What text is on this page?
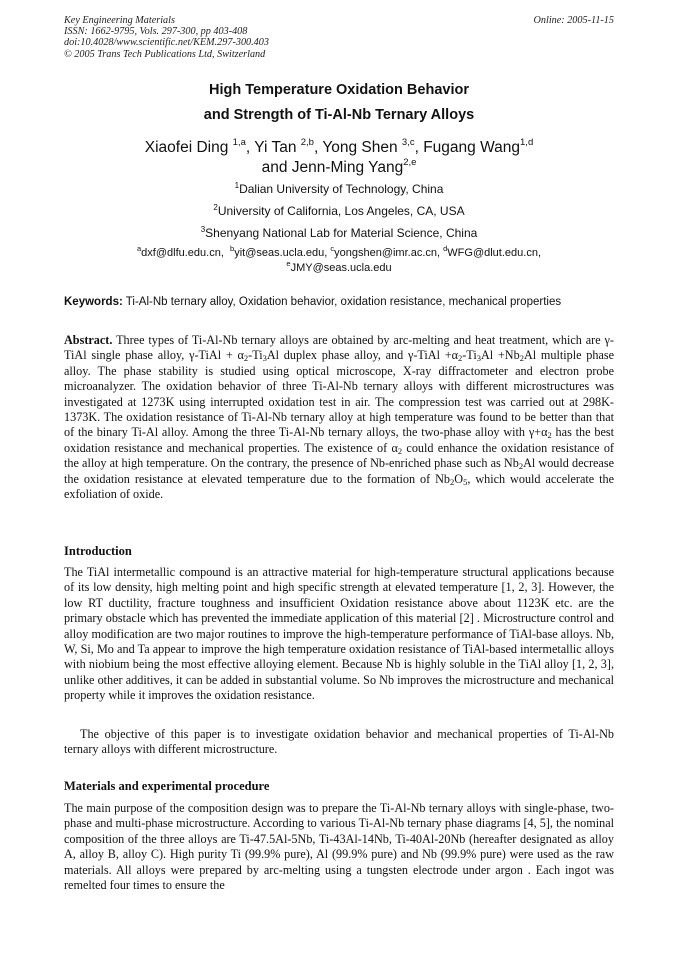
Key Engineering Materials
ISSN: 1662-9795, Vols. 297-300, pp 403-408
doi:10.4028/www.scientific.net/KEM.297-300.403
© 2005 Trans Tech Publications Ltd, Switzerland
Online: 2005-11-15
High Temperature Oxidation Behavior
and Strength of Ti-Al-Nb Ternary Alloys
Xiaofei Ding $^{1,a}$, Yi Tan $^{2,b}$, Yong Shen $^{3,c}$, Fugang Wang$^{1,d}$
and Jenn-Ming Yang$^{2,e}$
$^1$Dalian University of Technology, China
$^2$University of California, Los Angeles, CA, USA
$^3$Shenyang National Lab for Material Science, China
$^a$dxf@dlfu.edu.cn, $^b$yit@seas.ucla.edu, $^c$yongshen@imr.ac.cn, $^d$WFG@dlut.edu.cn,
$^e$JMY@seas.ucla.edu
Keywords: Ti-Al-Nb ternary alloy, Oxidation behavior, oxidation resistance, mechanical properties
Abstract. Three types of Ti-Al-Nb ternary alloys are obtained by arc-melting and heat treatment, which are γ-TiAl single phase alloy, γ-TiAl + $\alpha_2-Ti_3Al$ duplex phase alloy, and γ-TiAl $+\alpha_2-Ti_3Al +Nb_2Al$ multiple phase alloy. The phase stability is studied using optical microscope, X-ray diffractometer and electron probe microanalyzer. The oxidation behavior of three Ti-Al-Nb ternary alloys with different microstructures was investigated at 1273K using interrupted oxidation test in air. The compression test was carried out at 298K-1373K. The oxidation resistance of Ti-Al-Nb ternary alloy at high temperature was found to be better than that of the binary Ti-Al alloy. Among the three Ti-Al-Nb ternary alloys, the two-phase alloy with $\gamma+\alpha_2$ has the best oxidation resistance and mechanical properties. The existence of $\alpha_2$ could enhance the oxidation resistance of the alloy at high temperature. On the contrary, the presence of Nb-enriched phase such as $Nb_2Al$ would decrease the oxidation resistance at elevated temperature due to the formation of $Nb_2O_5$, which would accelerate the exfoliation of oxide.
Introduction
The TiAl intermetallic compound is an attractive material for high-temperature structural applications because of its low density, high melting point and high specific strength at elevated temperature [1, 2, 3]. However, the low RT ductility, fracture toughness and insufficient Oxidation resistance above about 1123K etc. are the primary obstacle which has prevented the immediate application of this material [2] . Microstructure control and alloy modification are two major routines to improve the high-temperature performance of TiAl-base alloys. Nb, W, Si, Mo and Ta appear to improve the high temperature oxidation resistance of TiAl-based intermetallic alloys with niobium being the most effective alloying element. Because Nb is highly soluble in the TiAl alloy [1, 2, 3], unlike other additives, it can be added in substantial volume. So Nb improves the microstructure and mechanical property while it improves the oxidation resistance.
The objective of this paper is to investigate oxidation behavior and mechanical properties of Ti-Al-Nb ternary alloys with different microstructure.
Materials and experimental procedure
The main purpose of the composition design was to prepare the Ti-Al-Nb ternary alloys with single-phase, two-phase and multi-phase microstructure. According to various Ti-Al-Nb ternary phase diagrams [4, 5], the nominal composition of the three alloys are Ti-47.5Al-5Nb, Ti-43Al-14Nb, Ti-40Al-20Nb (hereafter designated as alloy A, alloy B, alloy C). High purity Ti (99.9% pure), Al (99.9% pure) and Nb (99.9% pure) were used as the raw materials. All alloys were prepared by arc-melting using a tungsten electrode under argon . Each ingot was remelted four times to ensure the
